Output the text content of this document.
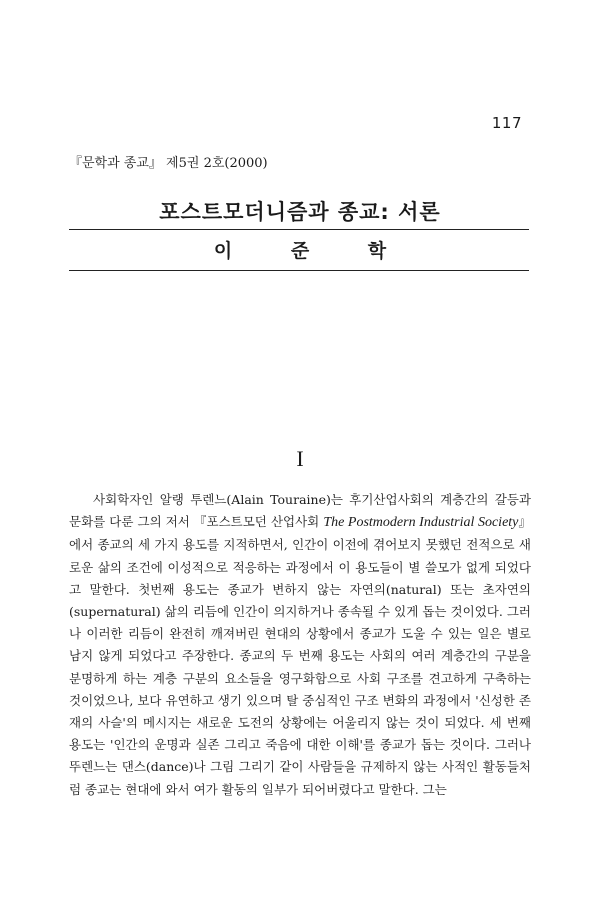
117
『문학과 종교』 제5권 2호(2000)
포스트모더니즘과 종교: 서론
이 준 학
I

사회학자인 알랭 투렌느(Alain Touraine)는 후기산업사회의 계층간의 갈등과 문화를 다룬 그의 저서 『포스트모던 산업사회 The Postmodern Industrial Society』에서 종교의 세 가지 용도를 지적하면서, 인간이 이전에 겪어보지 못했던 전적으로 새로운 삶의 조건에 이성적으로 적응하는 과정에서 이 용도들이 별 쓸모가 없게 되었다고 말한다. 첫번째 용도는 종교가 변하지 않는 자연의(natural) 또는 초자연의(supernatural) 삶의 리듬에 인간이 의지하거나 종속될 수 있게 돕는 것이었다. 그러나 이러한 리듬이 완전히 깨져버린 현대의 상황에서 종교가 도울 수 있는 일은 별로 남지 않게 되었다고 주장한다. 종교의 두 번째 용도는 사회의 여러 계층간의 구분을 분명하게 하는 계층 구분의 요소들을 영구화함으로 사회 구조를 견고하게 구축하는 것이었으나, 보다 유연하고 생기 있으며 탈 중심적인 구조 변화의 과정에서 '신성한 존재의 사슬'의 메시지는 새로운 도전의 상황에는 어울리지 않는 것이 되었다. 세 번째 용도는 '인간의 운명과 실존 그리고 죽음에 대한 이해'를 종교가 돕는 것이다. 그러나 뚜렌느는 댄스(dance)나 그림 그리기 같이 사람들을 규제하지 않는 사적인 활동들처럼 종교는 현대에 와서 여가 활동의 일부가 되어버렸다고 말한다. 그는
